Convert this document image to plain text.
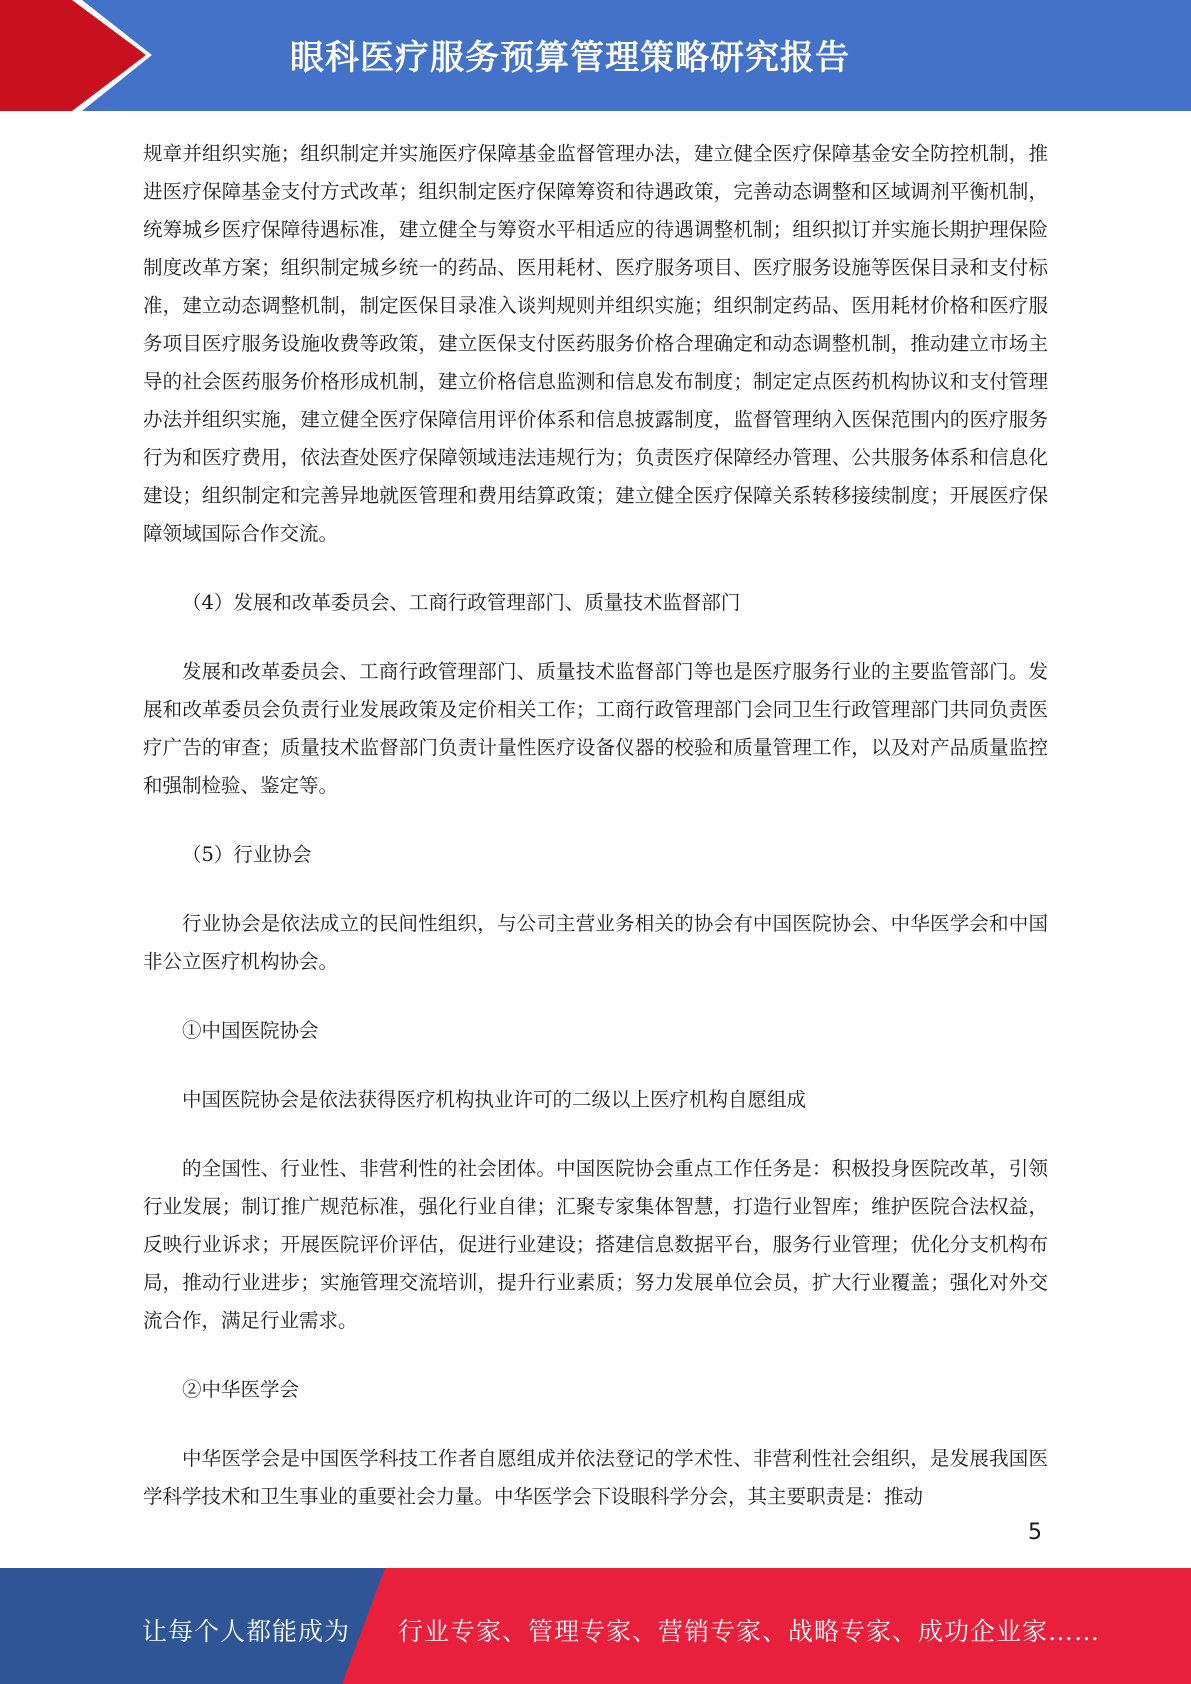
眼科医疗服务预算管理策略研究报告

规章并组织实施；组织制定并实施医疗保障基金监督管理办法，建立健全医疗保障基金安全防控机制，推进医疗保障基金支付方式改革；组织制定医疗保障筹资和待遇政策，完善动态调整和区域调剂平衡机制，统筹城乡医疗保障待遇标准，建立健全与筹资水平相适应的待遇调整机制；组织拟订并实施长期护理保险制度改革方案；组织制定城乡统一的药品、医用耗材、医疗服务项目、医疗服务设施等医保目录和支付标准，建立动态调整机制，制定医保目录准入谈判规则并组织实施；组织制定药品、医用耗材价格和医疗服务项目医疗服务设施收费等政策，建立医保支付医药服务价格合理确定和动态调整机制，推动建立市场主导的社会医药服务价格形成机制，建立价格信息监测和信息发布制度；制定定点医药机构协议和支付管理办法并组织实施，建立健全医疗保障信用评价体系和信息披露制度，监督管理纳入医保范围内的医疗服务行为和医疗费用，依法查处医疗保障领域违法违规行为；负责医疗保障经办管理、公共服务体系和信息化建设；组织制定和完善异地就医管理和费用结算政策；建立健全医疗保障关系转移接续制度；开展医疗保障领域国际合作交流。

（4）发展和改革委员会、工商行政管理部门、质量技术监督部门

发展和改革委员会、工商行政管理部门、质量技术监督部门等也是医疗服务行业的主要监管部门。发展和改革委员会负责行业发展政策及定价相关工作；工商行政管理部门会同卫生行政管理部门共同负责医疗广告的审查；质量技术监督部门负责计量性医疗设备仪器的校验和质量管理工作，以及对产品质量监控和强制检验、鉴定等。

（5）行业协会

行业协会是依法成立的民间性组织，与公司主营业务相关的协会有中国医院协会、中华医学会和中国非公立医疗机构协会。

①中国医院协会

中国医院协会是依法获得医疗机构执业许可的二级以上医疗机构自愿组成

的全国性、行业性、非营利性的社会团体。中国医院协会重点工作任务是：积极投身医院改革，引领行业发展；制订推广规范标准，强化行业自律；汇聚专家集体智慧，打造行业智库；维护医院合法权益，反映行业诉求；开展医院评价评估，促进行业建设；搭建信息数据平台，服务行业管理；优化分支机构布局，推动行业进步；实施管理交流培训，提升行业素质；努力发展单位会员，扩大行业覆盖；强化对外交流合作，满足行业需求。

②中华医学会

中华医学会是中国医学科技工作者自愿组成并依法登记的学术性、非营利性社会组织，是发展我国医学科学技术和卫生事业的重要社会力量。中华医学会下设眼科学分会，其主要职责是：推动

5
让每个人都能成为 行业专家、管理专家、营销专家、战略专家、成功企业家……
